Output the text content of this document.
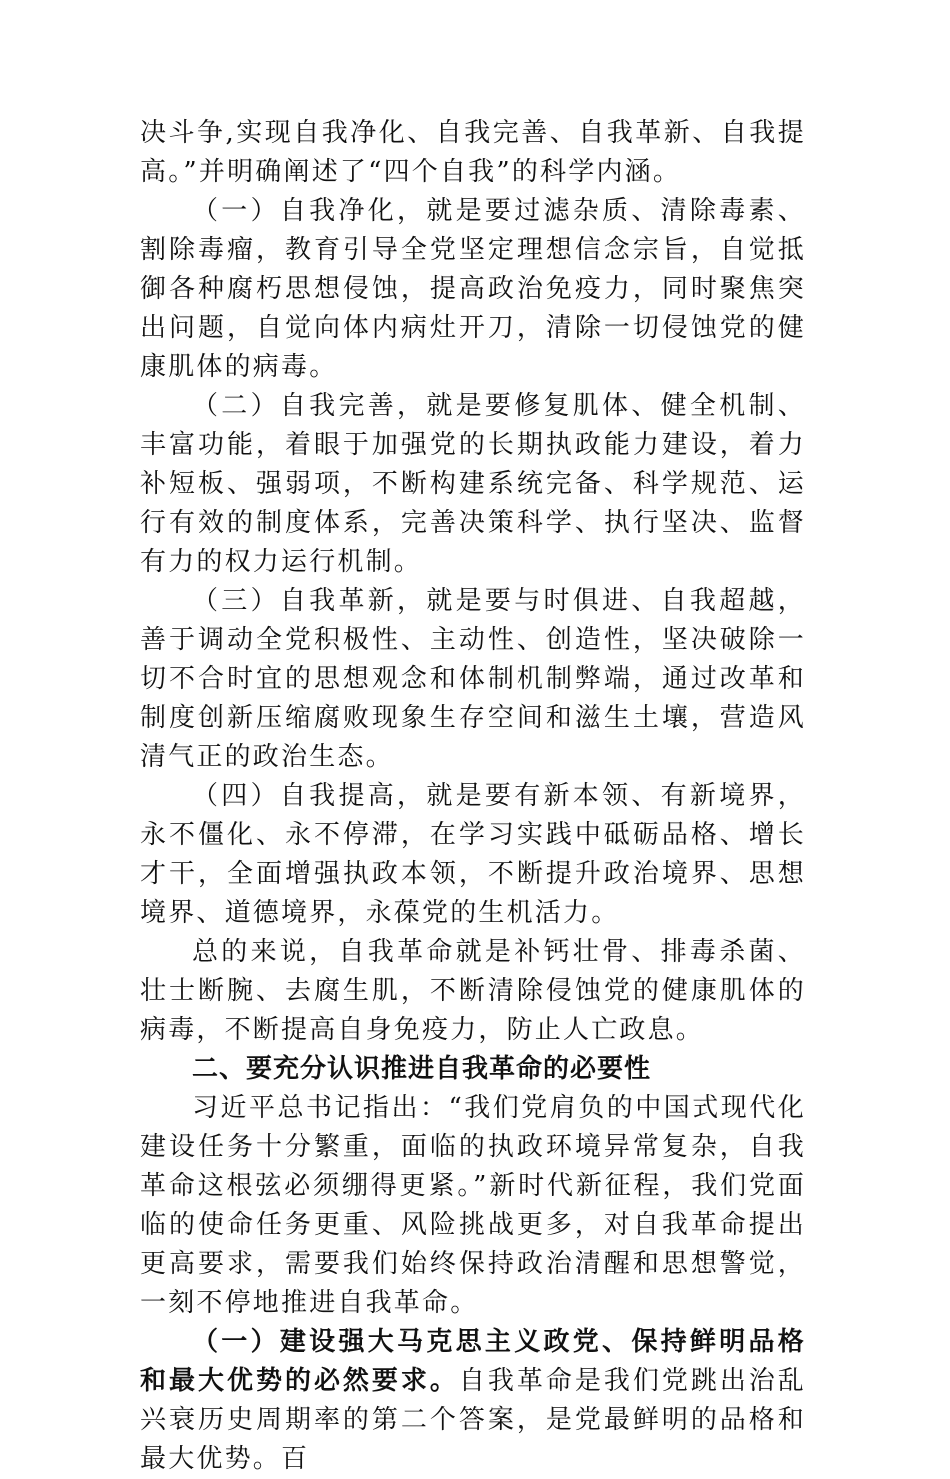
决斗争,实现自我净化、自我完善、自我革新、自我提高。”并明确阐述了“四个自我”的科学内涵。

（一）自我净化，就是要过滤杂质、清除毒素、割除毒瘤，教育引导全党坚定理想信念宗旨，自觉抵御各种腐朽思想侵蚀，提高政治免疫力，同时聚焦突出问题，自觉向体内病灶开刀，清除一切侵蚀党的健康肌体的病毒。

（二）自我完善，就是要修复肌体、健全机制、丰富功能，着眼于加强党的长期执政能力建设，着力补短板、强弱项，不断构建系统完备、科学规范、运行有效的制度体系，完善决策科学、执行坚决、监督有力的权力运行机制。

（三）自我革新，就是要与时俱进、自我超越，善于调动全党积极性、主动性、创造性，坚决破除一切不合时宜的思想观念和体制机制弊端，通过改革和制度创新压缩腐败现象生存空间和滋生土壤，营造风清气正的政治生态。

（四）自我提高，就是要有新本领、有新境界，永不僵化、永不停滞，在学习实践中砥砺品格、增长才干，全面增强执政本领，不断提升政治境界、思想境界、道德境界，永葆党的生机活力。

总的来说，自我革命就是补钙壮骨、排毒杀菌、壮士断腕、去腐生肌，不断清除侵蚀党的健康肌体的病毒，不断提高自身免疫力，防止人亡政息。

二、要充分认识推进自我革命的必要性

习近平总书记指出：“我们党肩负的中国式现代化建设任务十分繁重，面临的执政环境异常复杂，自我革命这根弦必须绷得更紧。”新时代新征程，我们党面临的使命任务更重、风险挑战更多，对自我革命提出更高要求，需要我们始终保持政治清醒和思想警觉，一刻不停地推进自我革命。

（一）建设强大马克思主义政党、保持鲜明品格和最大优势的必然要求。自我革命是我们党跳出治乱兴衰历史周期率的第二个答案，是党最鲜明的品格和最大优势。百
